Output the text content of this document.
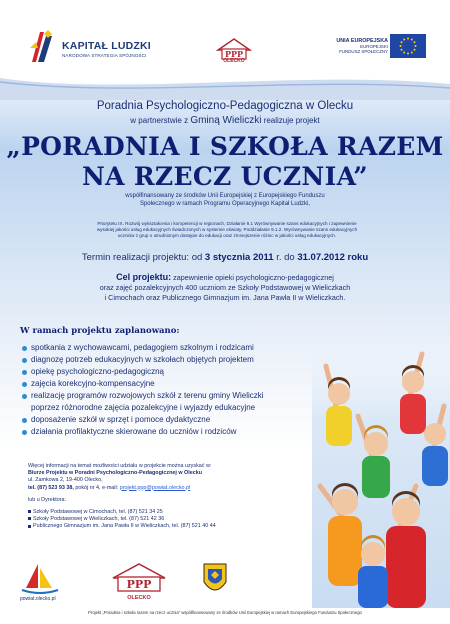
KAPITAŁ LUDZKI
NARODOWA STRATEGIA SPÓJNOŚCI	PPP
OLECKO
UNIA EUROPEJSKA
EUROPEJSKI
FUNDUSZ SPOŁECZNY
Poradnia Psychologiczno-Pedagogiczna w Olecku
w partnerstwie z Gminą Wieliczki realizuje projekt
„PORADNIA I SZKOŁA RAZEM
NA RZECZ UCZNIA”
współfinansowany ze środków Unii Europejskiej z Europejskiego Funduszu
Społecznego w ramach Programu Operacyjnego Kapitał Ludzki,
Priorytetu IX. Rozwój wykształcenia i kompetencji w regionach, Działanie 9.1 Wyrównywanie szans edukacyjnych i zapewnienie
wysokiej jakości usług edukacyjnych świadczonych w systemie oświaty, Poddziałanie 9.1.2. Wyrównywanie szans edukacyjnych
uczniów z grup o utrudnionym dostępie do edukacji oraz zmniejszenie różnic w jakości usług edukacyjnych.
Termin realizacji projektu: od 3 stycznia 2011 r. do 31.07.2012 roku
Cel projektu: zapewnienie opieki psychologiczno-pedagogicznej
oraz zajęć pozalekcyjnych 400 uczniom ze Szkoły Podstawowej w Wieliczkach
i Cimochach oraz Publicznego Gimnazjum im. Jana Pawła II w Wieliczkach.
W ramach projektu zaplanowano:
spotkania z wychowawcami, pedagogiem szkolnym i rodzicami
diagnozę potrzeb edukacyjnych w szkołach objętych projektem
opiekę psychologiczno-pedagogiczną
zajęcia korekcyjno-kompensacyjne
realizację programów rozwojowych szkół z terenu gminy Wieliczki
poprzez różnorodne zajęcia pozalekcyjne i wyjazdy edukacyjne
doposażenie szkół w sprzęt i pomoce dydaktyczne
działania profilaktyczne skierowane do uczniów i rodziców
Więcej informacji na temat możliwości udziału w projekcie można uzyskać w:
Biurze Projektu w Poradni Psychologiczno-Pedagogicznej w Olecku
ul. Zamkowa 2, 19-400 Olecko,
tel. (87) 523 93 38, pokój nr 4, e-mail: projekt.ppp@powiat.olecko.pl
lub u Dyrektora:
Szkoły Podstawowej w Cimochach, tel. (87) 521 34 25
Szkoły Podstawowej w Wieliczkach, tel. (87) 521 42 36
Publicznego Gimnazjum im. Jana Pawła II w Wieliczkach, tel. (87) 521 40 44
powiat.olecko.pl
PPP
OLECKO
Projekt „Poradnia i szkoła razem na rzecz ucznia” współfinansowany ze środków Unii Europejskiej w ramach Europejskiego Funduszu Społecznego
